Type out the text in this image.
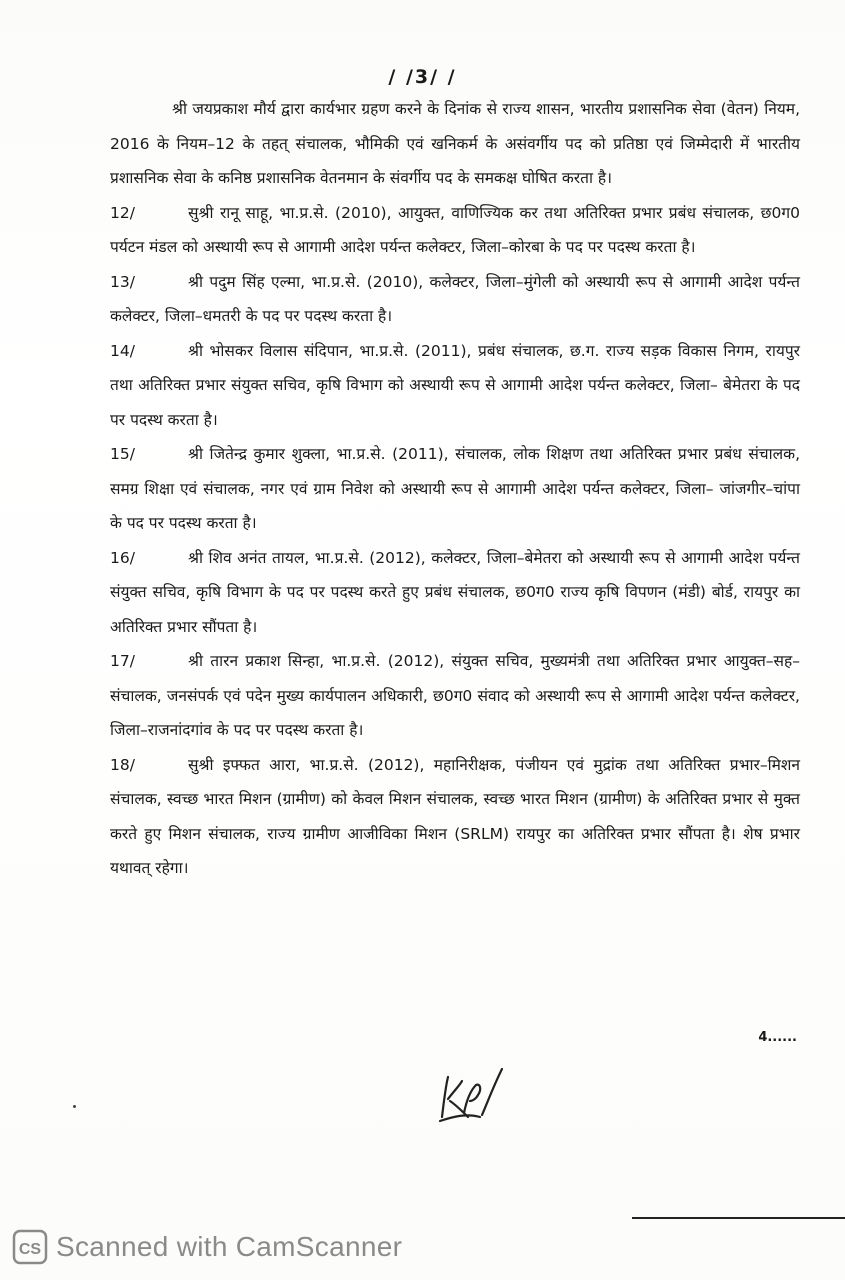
/ /3/ /

श्री जयप्रकाश मौर्य द्वारा कार्यभार ग्रहण करने के दिनांक से राज्य शासन, भारतीय प्रशासनिक सेवा (वेतन) नियम, 2016 के नियम–12 के तहत् संचालक, भौमिकी एवं खनिकर्म के असंवर्गीय पद को प्रतिष्ठा एवं जिम्मेदारी में भारतीय प्रशासनिक सेवा के कनिष्ठ प्रशासनिक वेतनमान के संवर्गीय पद के समकक्ष घोषित करता है।

12/	सुश्री रानू साहू, भा.प्र.से. (2010), आयुक्त, वाणिज्यिक कर तथा अतिरिक्त प्रभार प्रबंध संचालक, छ0ग0 पर्यटन मंडल को अस्थायी रूप से आगामी आदेश पर्यन्त कलेक्टर, जिला–कोरबा के पद पर पदस्थ करता है।

13/	श्री पदुम सिंह एल्मा, भा.प्र.से. (2010), कलेक्टर, जिला–मुंगेली को अस्थायी रूप से आगामी आदेश पर्यन्त कलेक्टर, जिला–धमतरी के पद पर पदस्थ करता है।

14/	श्री भोसकर विलास संदिपान, भा.प्र.से. (2011), प्रबंध संचालक, छ.ग. राज्य सड़क विकास निगम, रायपुर तथा अतिरिक्त प्रभार संयुक्त सचिव, कृषि विभाग को अस्थायी रूप से आगामी आदेश पर्यन्त कलेक्टर, जिला– बेमेतरा के पद पर पदस्थ करता है।

15/	श्री जितेन्द्र कुमार शुक्ला, भा.प्र.से. (2011), संचालक, लोक शिक्षण तथा अतिरिक्त प्रभार प्रबंध संचालक, समग्र शिक्षा एवं संचालक, नगर एवं ग्राम निवेश को अस्थायी रूप से आगामी आदेश पर्यन्त कलेक्टर, जिला– जांजगीर–चांपा के पद पर पदस्थ करता है।

16/	श्री शिव अनंत तायल, भा.प्र.से. (2012), कलेक्टर, जिला–बेमेतरा को अस्थायी रूप से आगामी आदेश पर्यन्त संयुक्त सचिव, कृषि विभाग के पद पर पदस्थ करते हुए प्रबंध संचालक, छ0ग0 राज्य कृषि विपणन (मंडी) बोर्ड, रायपुर का अतिरिक्त प्रभार सौंपता है।

17/	श्री तारन प्रकाश सिन्हा, भा.प्र.से. (2012), संयुक्त सचिव, मुख्यमंत्री तथा अतिरिक्त प्रभार आयुक्त–सह– संचालक, जनसंपर्क एवं पदेन मुख्य कार्यपालन अधिकारी, छ0ग0 संवाद को अस्थायी रूप से आगामी आदेश पर्यन्त कलेक्टर, जिला–राजनांदगांव के पद पर पदस्थ करता है।

18/	सुश्री इफ्फत आरा, भा.प्र.से. (2012), महानिरीक्षक, पंजीयन एवं मुद्रांक तथा अतिरिक्त प्रभार–मिशन संचालक, स्वच्छ भारत मिशन (ग्रामीण) को केवल मिशन संचालक, स्वच्छ भारत मिशन (ग्रामीण) के अतिरिक्त प्रभार से मुक्त करते हुए मिशन संचालक, राज्य ग्रामीण आजीविका मिशन (SRLM) रायपुर का अतिरिक्त प्रभार सौंपता है। शेष प्रभार यथावत् रहेगा।

4......
CS Scanned with CamScanner
